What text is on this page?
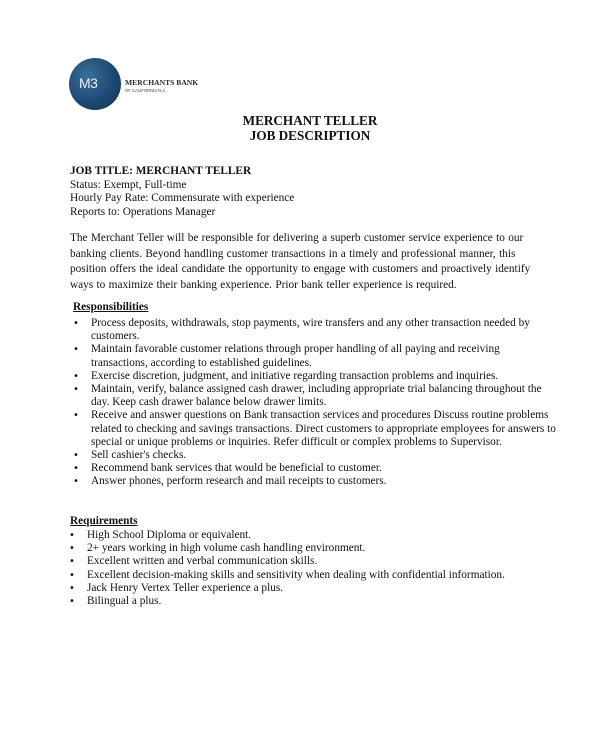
M3	MERCHANTS BANK
OF CALIFORNIA N.A.
MERCHANT TELLER
JOB DESCRIPTION
JOB TITLE: MERCHANT TELLER
Status: Exempt, Full-time
Hourly Pay Rate: Commensurate with experience
Reports to: Operations Manager
The Merchant Teller will be responsible for delivering a superb customer service experience to our banking clients. Beyond handling customer transactions in a timely and professional manner, this position offers the ideal candidate the opportunity to engage with customers and proactively identify ways to maximize their banking experience. Prior bank teller experience is required.
Responsibilities
• Process deposits, withdrawals, stop payments, wire transfers and any other transaction needed by customers.
• Maintain favorable customer relations through proper handling of all paying and receiving transactions, according to established guidelines.
• Exercise discretion, judgment, and initiative regarding transaction problems and inquiries.
• Maintain, verify, balance assigned cash drawer, including appropriate trial balancing throughout the day. Keep cash drawer balance below drawer limits.
• Receive and answer questions on Bank transaction services and procedures Discuss routine problems related to checking and savings transactions. Direct customers to appropriate employees for answers to special or unique problems or inquiries. Refer difficult or complex problems to Supervisor.
• Sell cashier's checks.
• Recommend bank services that would be beneficial to customer.
• Answer phones, perform research and mail receipts to customers.
Requirements
• High School Diploma or equivalent.
• 2+ years working in high volume cash handling environment.
• Excellent written and verbal communication skills.
• Excellent decision-making skills and sensitivity when dealing with confidential information.
• Jack Henry Vertex Teller experience a plus.
• Bilingual a plus.
